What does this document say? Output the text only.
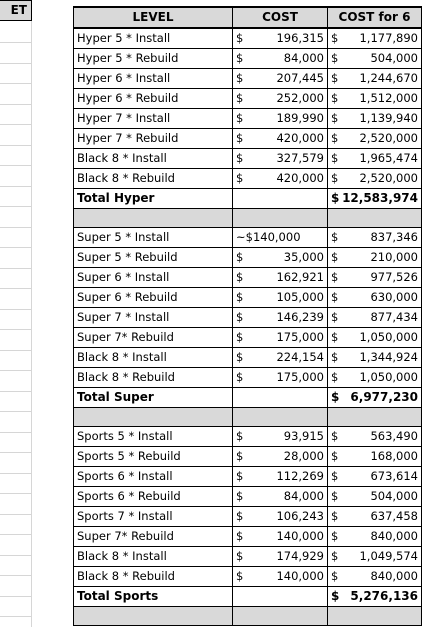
ET	LEVEL	COST	COST for 6
Hyper 5 * Install	$ 196,315	$ 1,177,890

Hyper 5 * Rebuild	$ 84,000	$ 504,000

Hyper 6 * Install	$ 207,445	$ 1,244,670

Hyper 6 * Rebuild	$ 252,000	$ 1,512,000

Hyper 7 * Install	$ 189,990	$ 1,139,940

Hyper 7 * Rebuild	$ 420,000	$ 2,520,000

Black 8 * Install	$ 327,579	$ 1,965,474

Black 8 * Rebuild	$ 420,000	$ 2,520,000

Total Hyper		$ 12,583,974

Super 5 * Install	~$140,000	$ 837,346

Super 5 * Rebuild	$ 35,000	$ 210,000

Super 6 * Install	$ 162,921	$ 977,526

Super 6 * Rebuild	$ 105,000	$ 630,000

Super 7 * Install	$ 146,239	$ 877,434

Super 7* Rebuild	$ 175,000	$ 1,050,000

Black 8 * Install	$ 224,154	$ 1,344,924

Black 8 * Rebuild	$ 175,000	$ 1,050,000

Total Super		$ 6,977,230

Sports 5 * Install	$ 93,915	$ 563,490

Sports 5 * Rebuild	$ 28,000	$ 168,000

Sports 6 * Install	$ 112,269	$ 673,614

Sports 6 * Rebuild	$ 84,000	$ 504,000

Sports 7 * Install	$ 106,243	$ 637,458

Super 7* Rebuild	$ 140,000	$ 840,000

Black 8 * Install	$ 174,929	$ 1,049,574

Black 8 * Rebuild	$ 140,000	$ 840,000

Total Sports		$ 5,276,136
